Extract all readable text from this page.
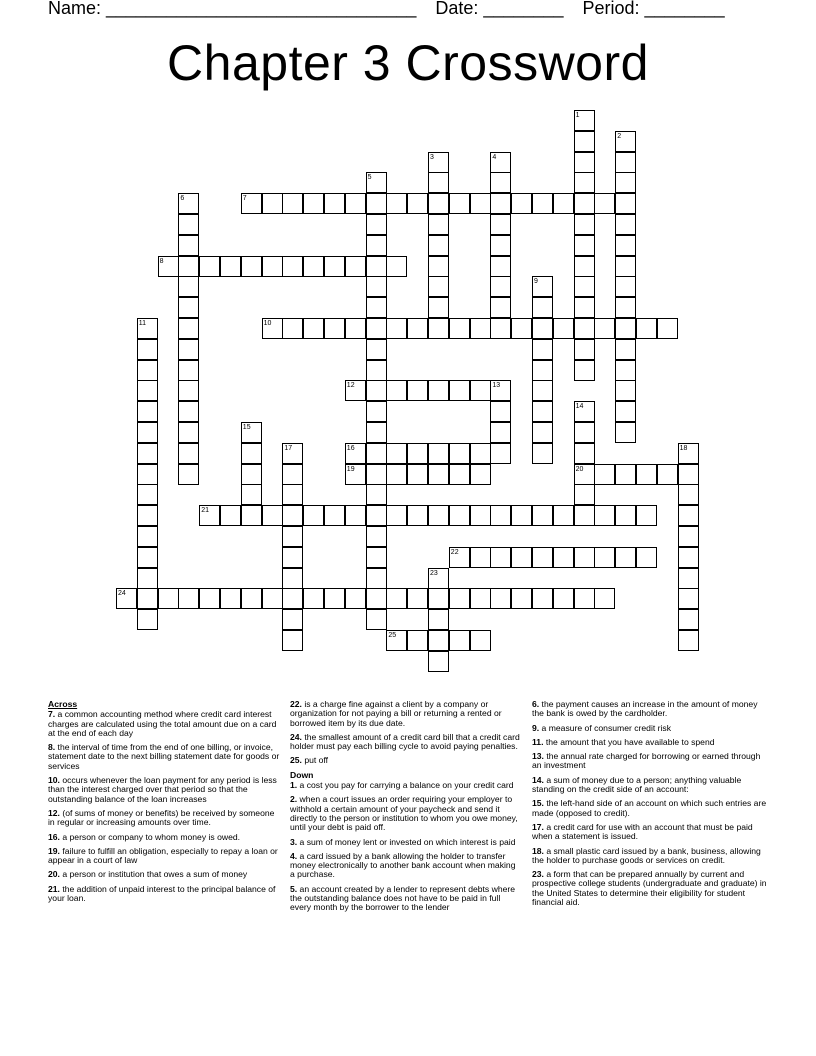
Name: _______________________________ Date: ________ Period: ________
Chapter 3 Crossword
7
8
10
12
16
19	20
21
22
24
25
1
2
3	4
5
6
9
11
13
14
15
17	18
23
Across

7. a common accounting method where credit card interest charges are calculated using the total amount due on a card at the end of each day

8. the interval of time from the end of one billing, or invoice, statement date to the next billing statement date for goods or services

10. occurs whenever the loan payment for any period is less than the interest charged over that period so that the outstanding balance of the loan increases

12. (of sums of money or benefits) be received by someone in regular or increasing amounts over time.

16. a person or company to whom money is owed.

19. failure to fulfill an obligation, especially to repay a loan or appear in a court of law

20. a person or institution that owes a sum of money

21. the addition of unpaid interest to the principal balance of your loan.

22. is a charge fine against a client by a company or organization for not paying a bill or returning a rented or borrowed item by its due date.

24. the smallest amount of a credit card bill that a credit card holder must pay each billing cycle to avoid paying penalties.

25. put off

Down

1. a cost you pay for carrying a balance on your credit card

2. when a court issues an order requiring your employer to withhold a certain amount of your paycheck and send it directly to the person or institution to whom you owe money, until your debt is paid off.

3. a sum of money lent or invested on which interest is paid

4. a card issued by a bank allowing the holder to transfer money electronically to another bank account when making a purchase.

5. an account created by a lender to represent debts where the outstanding balance does not have to be paid in full every month by the borrower to the lender

6. the payment causes an increase in the amount of money the bank is owed by the cardholder.

9. a measure of consumer credit risk

11. the amount that you have available to spend

13. the annual rate charged for borrowing or earned through an investment

14. a sum of money due to a person; anything valuable standing on the credit side of an account:

15. the left-hand side of an account on which such entries are made (opposed to credit).

17. a credit card for use with an account that must be paid when a statement is issued.

18. a small plastic card issued by a bank, business, allowing the holder to purchase goods or services on credit.

23. a form that can be prepared annually by current and prospective college students (undergraduate and graduate) in the United States to determine their eligibility for student financial aid.
